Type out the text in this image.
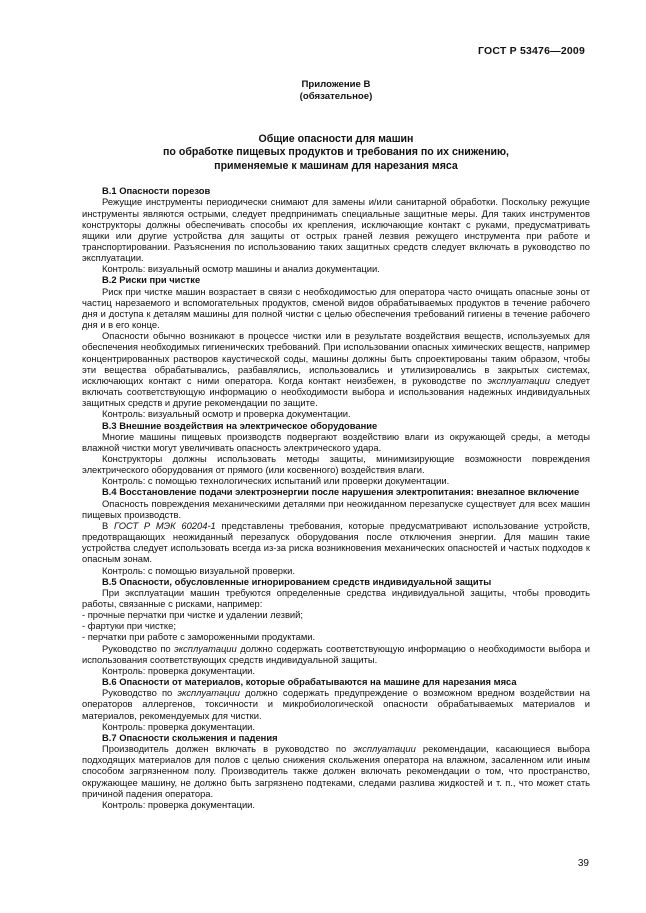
ГОСТ Р 53476—2009
Приложение В
(обязательное)
Общие опасности для машин
по обработке пищевых продуктов и требования по их снижению,
применяемые к машинам для нарезания мяса

В.1 Опасности порезов

Режущие инструменты периодически снимают для замены и/или санитарной обработки. Поскольку режущие инструменты являются острыми, следует предпринимать специальные защитные меры. Для таких инструментов конструкторы должны обеспечивать способы их крепления, исключающие контакт с руками, предусматривать ящики или другие устройства для защиты от острых граней лезвия режущего инструмента при работе и транспортировании. Разъяснения по использованию таких защитных средств следует включать в руководство по эксплуатации.

Контроль: визуальный осмотр машины и анализ документации.

В.2 Риски при чистке

Риск при чистке машин возрастает в связи с необходимостью для оператора часто очищать опасные зоны от частиц нарезаемого и вспомогательных продуктов, сменой видов обрабатываемых продуктов в течение рабочего дня и доступа к деталям машины для полной чистки с целью обеспечения требований гигиены в течение рабочего дня и в его конце.

Опасности обычно возникают в процессе чистки или в результате воздействия веществ, используемых для обеспечения необходимых гигиенических требований. При использовании опасных химических веществ, например концентрированных растворов каустической соды, машины должны быть спроектированы таким образом, чтобы эти вещества обрабатывались, разбавлялись, использовались и утилизировались в закрытых системах, исключающих контакт с ними оператора. Когда контакт неизбежен, в руководстве по эксплуатации следует включать соответствующую информацию о необходимости выбора и использования надежных индивидуальных защитных средств и другие рекомендации по защите.

Контроль: визуальный осмотр и проверка документации.

В.3 Внешние воздействия на электрическое оборудование

Многие машины пищевых производств подвергают воздействию влаги из окружающей среды, а методы влажной чистки могут увеличивать опасность электрического удара.

Конструкторы должны использовать методы защиты, минимизирующие возможности повреждения электрического оборудования от прямого (или косвенного) воздействия влаги.

Контроль: с помощью технологических испытаний или проверки документации.

В.4 Восстановление подачи электроэнергии после нарушения электропитания: внезапное включение

Опасность повреждения механическими деталями при неожиданном перезапуске существует для всех машин пищевых производств.

В ГОСТ Р МЭК 60204-1 представлены требования, которые предусматривают использование устройств, предотвращающих неожиданный перезапуск оборудования после отключения энергии. Для машин такие устройства следует использовать всегда из-за риска возникновения механических опасностей и частых подходов к опасным зонам.

Контроль: с помощью визуальной проверки.

В.5 Опасности, обусловленные игнорированием средств индивидуальной защиты

При эксплуатации машин требуются определенные средства индивидуальной защиты, чтобы проводить работы, связанные с рисками, например:

- прочные перчатки при чистке и удалении лезвий;

- фартуки при чистке;

- перчатки при работе с замороженными продуктами.

Руководство по эксплуатации должно содержать соответствующую информацию о необходимости выбора и использования соответствующих средств индивидуальной защиты.

Контроль: проверка документации.

В.6 Опасности от материалов, которые обрабатываются на машине для нарезания мяса

Руководство по эксплуатации должно содержать предупреждение о возможном вредном воздействии на операторов аллергенов, токсичности и микробиологической опасности обрабатываемых материалов и материалов, рекомендуемых для чистки.

Контроль: проверка документации.

В.7 Опасности скольжения и падения

Производитель должен включать в руководство по эксплуатации рекомендации, касающиеся выбора подходящих материалов для полов с целью снижения скольжения оператора на влажном, засаленном или иным способом загрязненном полу. Производитель также должен включать рекомендации о том, что пространство, окружающее машину, не должно быть загрязнено подтеками, следами разлива жидкостей и т. п., что может стать причиной падения оператора.

Контроль: проверка документации.

39
